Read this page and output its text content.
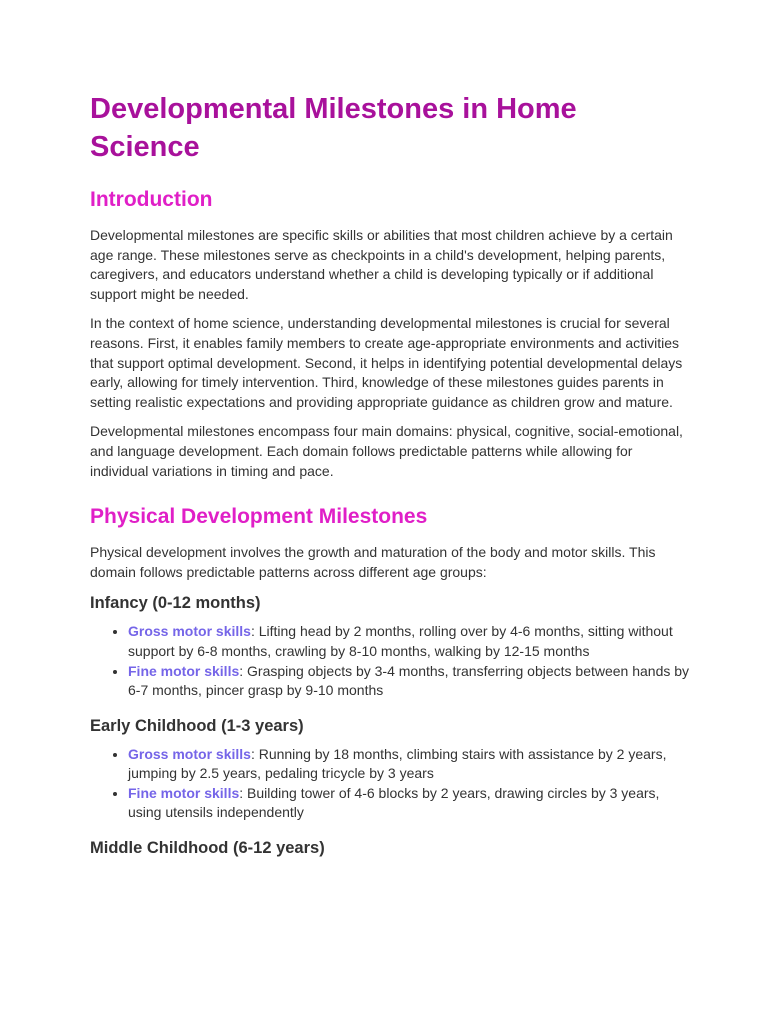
Developmental Milestones in Home Science
Introduction

Developmental milestones are specific skills or abilities that most children achieve by a certain age range. These milestones serve as checkpoints in a child's development, helping parents, caregivers, and educators understand whether a child is developing typically or if additional support might be needed.

In the context of home science, understanding developmental milestones is crucial for several reasons. First, it enables family members to create age-appropriate environments and activities that support optimal development. Second, it helps in identifying potential developmental delays early, allowing for timely intervention. Third, knowledge of these milestones guides parents in setting realistic expectations and providing appropriate guidance as children grow and mature.

Developmental milestones encompass four main domains: physical, cognitive, social-emotional, and language development. Each domain follows predictable patterns while allowing for individual variations in timing and pace.

Physical Development Milestones

Physical development involves the growth and maturation of the body and motor skills. This domain follows predictable patterns across different age groups:

Infancy (0-12 months)
• Gross motor skills: Lifting head by 2 months, rolling over by 4-6 months, sitting without support by 6-8 months, crawling by 8-10 months, walking by 12-15 months
• Fine motor skills: Grasping objects by 3-4 months, transferring objects between hands by 6-7 months, pincer grasp by 9-10 months
Early Childhood (1-3 years)
• Gross motor skills: Running by 18 months, climbing stairs with assistance by 2 years, jumping by 2.5 years, pedaling tricycle by 3 years
• Fine motor skills: Building tower of 4-6 blocks by 2 years, drawing circles by 3 years, using utensils independently
Middle Childhood (6-12 years)
